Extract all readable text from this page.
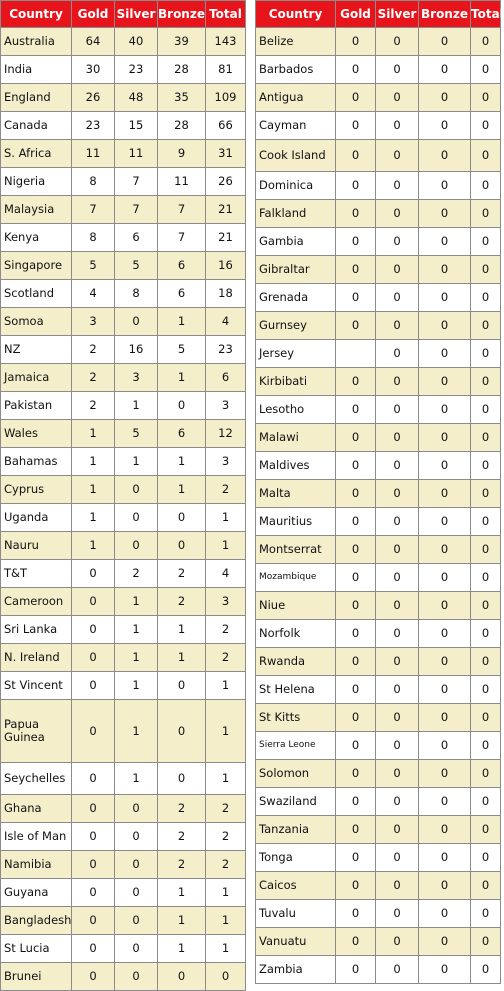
Country	Gold	Silver	Bronze	Total
Australia	64	40	39	143
India	30	23	28	81
England	26	48	35	109
Canada	23	15	28	66
S. Africa	11	11	9	31
Nigeria	8	7	11	26
Malaysia	7	7	7	21
Kenya	8	6	7	21
Singapore	5	5	6	16
Scotland	4	8	6	18
Somoa	3	0	1	4
NZ	2	16	5	23
Jamaica	2	3	1	6
Pakistan	2	1	0	3
Wales	1	5	6	12
Bahamas	1	1	1	3
Cyprus	1	0	1	2
Uganda	1	0	0	1
Nauru	1	0	0	1
T&T	0	2	2	4
Cameroon	0	1	2	3
Sri Lanka	0	1	1	2
N. Ireland	0	1	1	2
St Vincent	0	1	0	1
Papua Guinea	0	1	0	1
Seychelles	0	1	0	1
Ghana	0	0	2	2
Isle of Man	0	0	2	2
Namibia	0	0	2	2
Guyana	0	0	1	1
Bangladesh	0	0	1	1
St Lucia	0	0	1	1
Brunei	0	0	0	0
Country	Gold	Silver	Bronze	Total
Belize	0	0	0	0
Barbados	0	0	0	0
Antigua	0	0	0	0
Cayman	0	0	0	0
Cook Island	0	0	0	0
Dominica	0	0	0	0
Falkland	0	0	0	0
Gambia	0	0	0	0
Gibraltar	0	0	0	0
Grenada	0	0	0	0
Gurnsey	0	0	0	0
Jersey		0	0	0
Kirbibati	0	0	0	0
Lesotho	0	0	0	0
Malawi	0	0	0	0
Maldives	0	0	0	0
Malta	0	0	0	0
Mauritius	0	0	0	0
Montserrat	0	0	0	0
Mozambique	0	0	0	0
Niue	0	0	0	0
Norfolk	0	0	0	0
Rwanda	0	0	0	0
St Helena	0	0	0	0
St Kitts	0	0	0	0
Sierra Leone	0	0	0	0
Solomon	0	0	0	0
Swaziland	0	0	0	0
Tanzania	0	0	0	0
Tonga	0	0	0	0
Caicos	0	0	0	0
Tuvalu	0	0	0	0
Vanuatu	0	0	0	0
Zambia	0	0	0	0
